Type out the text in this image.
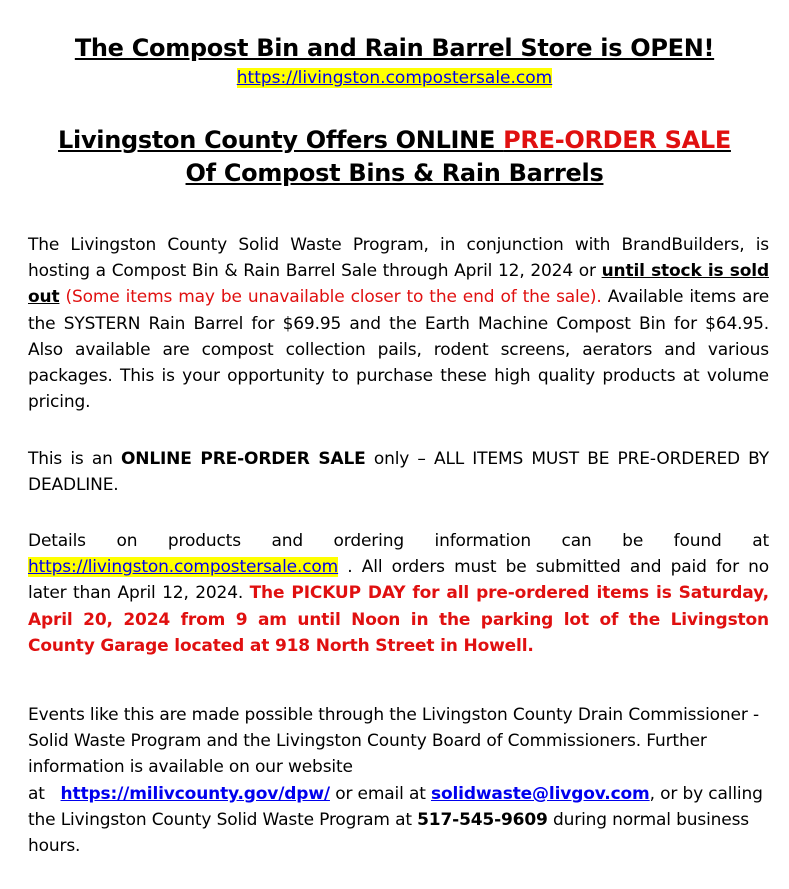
The Compost Bin and Rain Barrel Store is OPEN!
https://livingston.compostersale.com
Livingston County Offers ONLINE PRE-ORDER SALE
Of Compost Bins & Rain Barrels
The Livingston County Solid Waste Program, in conjunction with BrandBuilders, is hosting a Compost Bin & Rain Barrel Sale through April 12, 2024 or until stock is sold out (Some items may be unavailable closer to the end of the sale). Available items are the SYSTERN Rain Barrel for $69.95 and the Earth Machine Compost Bin for $64.95. Also available are compost collection pails, rodent screens, aerators and various packages. This is your opportunity to purchase these high quality products at volume pricing.
This is an ONLINE PRE-ORDER SALE only – ALL ITEMS MUST BE PRE-ORDERED BY DEADLINE.
Details on products and ordering information can be found at https://livingston.compostersale.com . All orders must be submitted and paid for no later than April 12, 2024. The PICKUP DAY for all pre-ordered items is Saturday, April 20, 2024 from 9 am until Noon in the parking lot of the Livingston County Garage located at 918 North Street in Howell.
Events like this are made possible through the Livingston County Drain Commissioner - Solid Waste Program and the Livingston County Board of Commissioners. Further information is available on our website
at   https://milivcounty.gov/dpw/ or email at solidwaste@livgov.com, or by calling the Livingston County Solid Waste Program at 517-545-9609 during normal business hours.
